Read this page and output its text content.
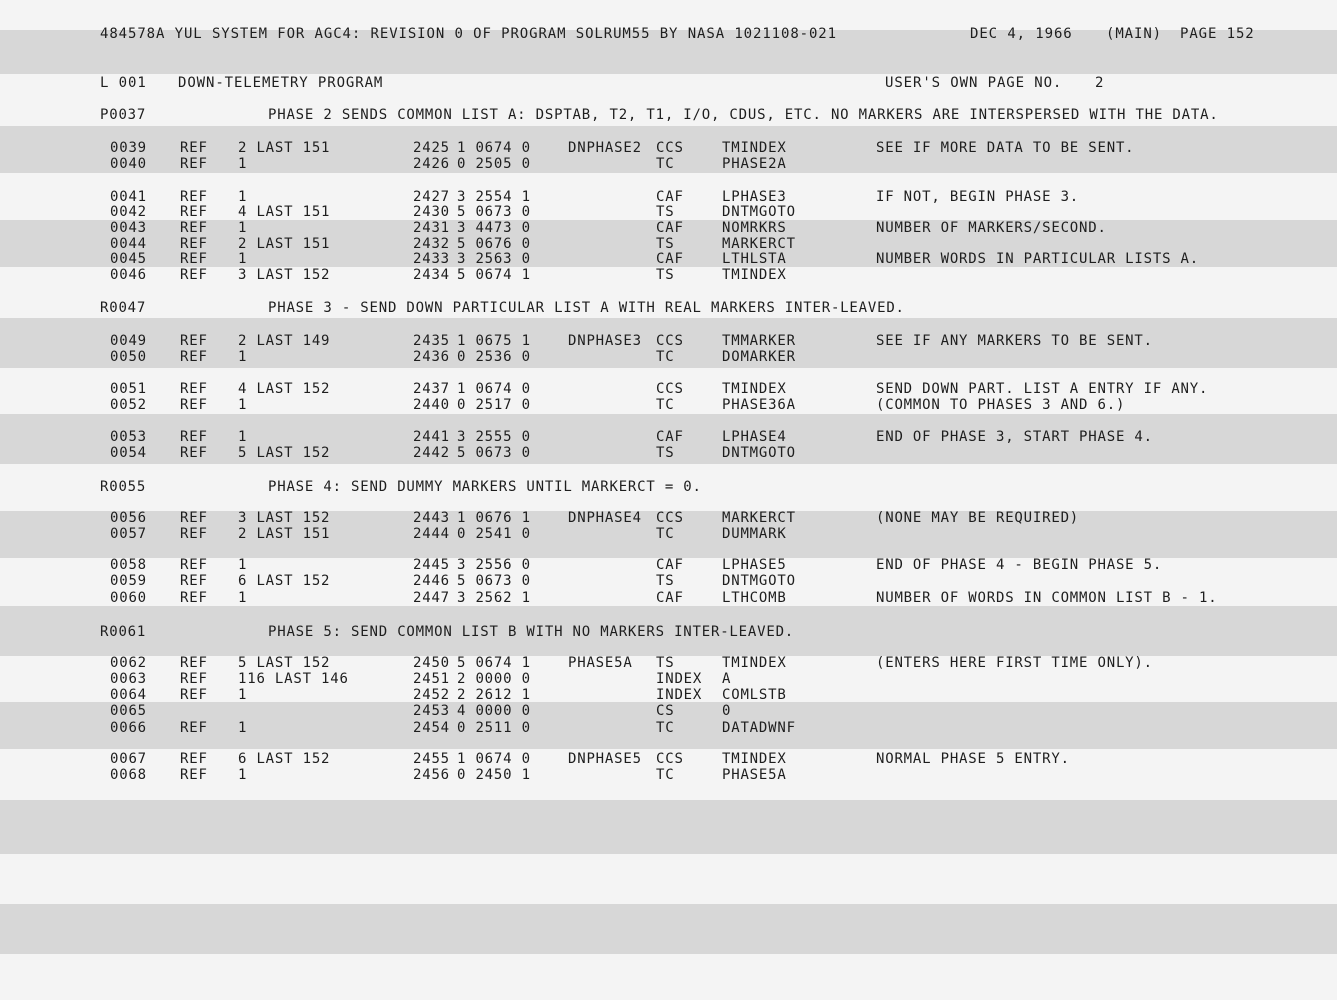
484578A YUL SYSTEM FOR AGC4: REVISION 0 OF PROGRAM SOLRUM55 BY NASA 1021108-021

	DEC 4, 1966

(MAIN)

PAGE 152

L 001

DOWN-TELEMETRY PROGRAM

	USER'S OWN PAGE NO.

2

P0037	PHASE 2 SENDS COMMON LIST A: DSPTAB, T2, T1, I/O, CDUS, ETC. NO MARKERS ARE INTERSPERSED WITH THE DATA.
0039 REF 2 LAST 151	2425 1 0674 0	DNPHASE2 CCS	TMINDEX	SEE IF MORE DATA TO BE SENT.
0040 REF 1	2426 0 2505 0	TC	PHASE2A
0041 REF 1	2427 3 2554 1	CAF	LPHASE3	IF NOT, BEGIN PHASE 3.
0042 REF 4 LAST 151	2430 5 0673 0	TS	DNTMGOTO
0043 REF 1	2431 3 4473 0	CAF	NOMRKRS	NUMBER OF MARKERS/SECOND.
0044 REF 2 LAST 151	2432 5 0676 0	TS	MARKERCT
0045 REF 1	2433 3 2563 0	CAF	LTHLSTA	NUMBER WORDS IN PARTICULAR LISTS A.
0046 REF 3 LAST 152	2434 5 0674 1	TS	TMINDEX
R0047	PHASE 3 - SEND DOWN PARTICULAR LIST A WITH REAL MARKERS INTER-LEAVED.
0049 REF 2 LAST 149	2435 1 0675 1	DNPHASE3 CCS	TMMARKER	SEE IF ANY MARKERS TO BE SENT.
0050 REF 1	2436 0 2536 0	TC	DOMARKER
0051 REF 4 LAST 152	2437 1 0674 0	CCS	TMINDEX	SEND DOWN PART. LIST A ENTRY IF ANY.
0052 REF 1	2440 0 2517 0	TC	PHASE36A	(COMMON TO PHASES 3 AND 6.)
0053 REF 1	2441 3 2555 0	CAF	LPHASE4	END OF PHASE 3, START PHASE 4.
0054 REF 5 LAST 152	2442 5 0673 0	TS	DNTMGOTO
R0055	PHASE 4: SEND DUMMY MARKERS UNTIL MARKERCT = 0.
0056 REF 3 LAST 152	2443 1 0676 1	DNPHASE4 CCS	MARKERCT	(NONE MAY BE REQUIRED)
0057 REF 2 LAST 151	2444 0 2541 0	TC	DUMMARK
0058 REF 1	2445 3 2556 0	CAF	LPHASE5	END OF PHASE 4 - BEGIN PHASE 5.
0059 REF 6 LAST 152	2446 5 0673 0	TS	DNTMGOTO
0060 REF 1	2447 3 2562 1	CAF	LTHCOMB	NUMBER OF WORDS IN COMMON LIST B - 1.
R0061	PHASE 5: SEND COMMON LIST B WITH NO MARKERS INTER-LEAVED.
0062 REF 5 LAST 152	2450 5 0674 1	PHASE5A TS	TMINDEX	(ENTERS HERE FIRST TIME ONLY).
0063 REF 116 LAST 146	2451 2 0000 0	INDEX A
0064 REF 1	2452 2 2612 1	INDEX COMLSTB
0065	2453 4 0000 0	CS	0
0066 REF 1	2454 0 2511 0	TC	DATADWNF
0067 REF 6 LAST 152	2455 1 0674 0	DNPHASE5 CCS	TMINDEX	NORMAL PHASE 5 ENTRY.
0068 REF 1	2456 0 2450 1	TC	PHASE5A
